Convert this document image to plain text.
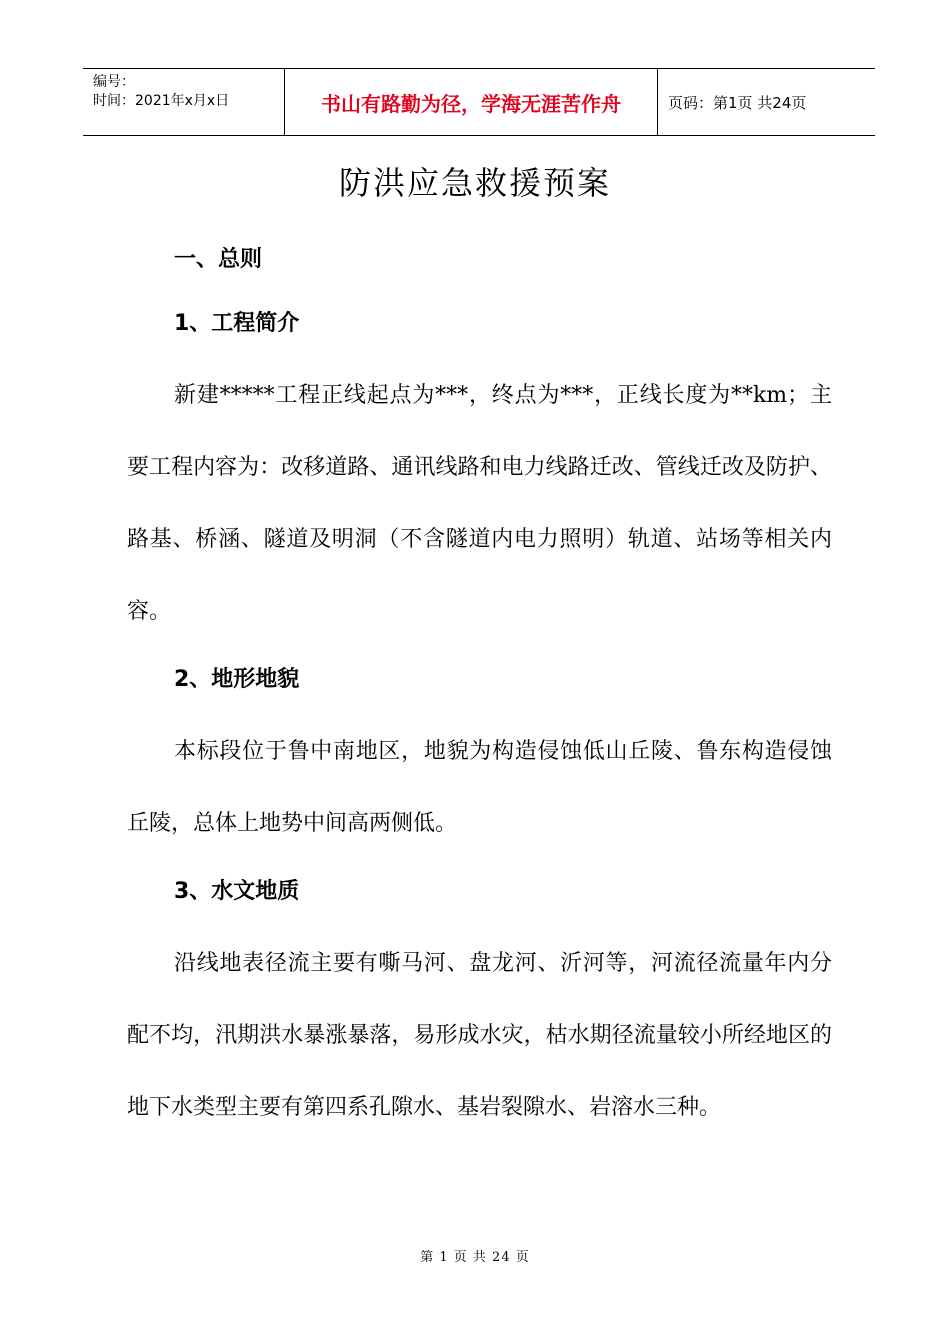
编号：
时间：2021年x月x日	书山有路勤为径，学海无涯苦作舟	页码：第1页 共24页
防洪应急救援预案
一、总则
1、工程简介

新建*****工程正线起点为***，终点为***，正线长度为**km；主要工程内容为：改移道路、通讯线路和电力线路迁改、管线迁改及防护、路基、桥涵、隧道及明洞（不含隧道内电力照明）轨道、站场等相关内容。

2、地形地貌

本标段位于鲁中南地区，地貌为构造侵蚀低山丘陵、鲁东构造侵蚀丘陵，总体上地势中间高两侧低。

3、水文地质

沿线地表径流主要有嘶马河、盘龙河、沂河等，河流径流量年内分配不均，汛期洪水暴涨暴落，易形成水灾，枯水期径流量较小所经地区的地下水类型主要有第四系孔隙水、基岩裂隙水、岩溶水三种。

第 1 页 共 24 页
